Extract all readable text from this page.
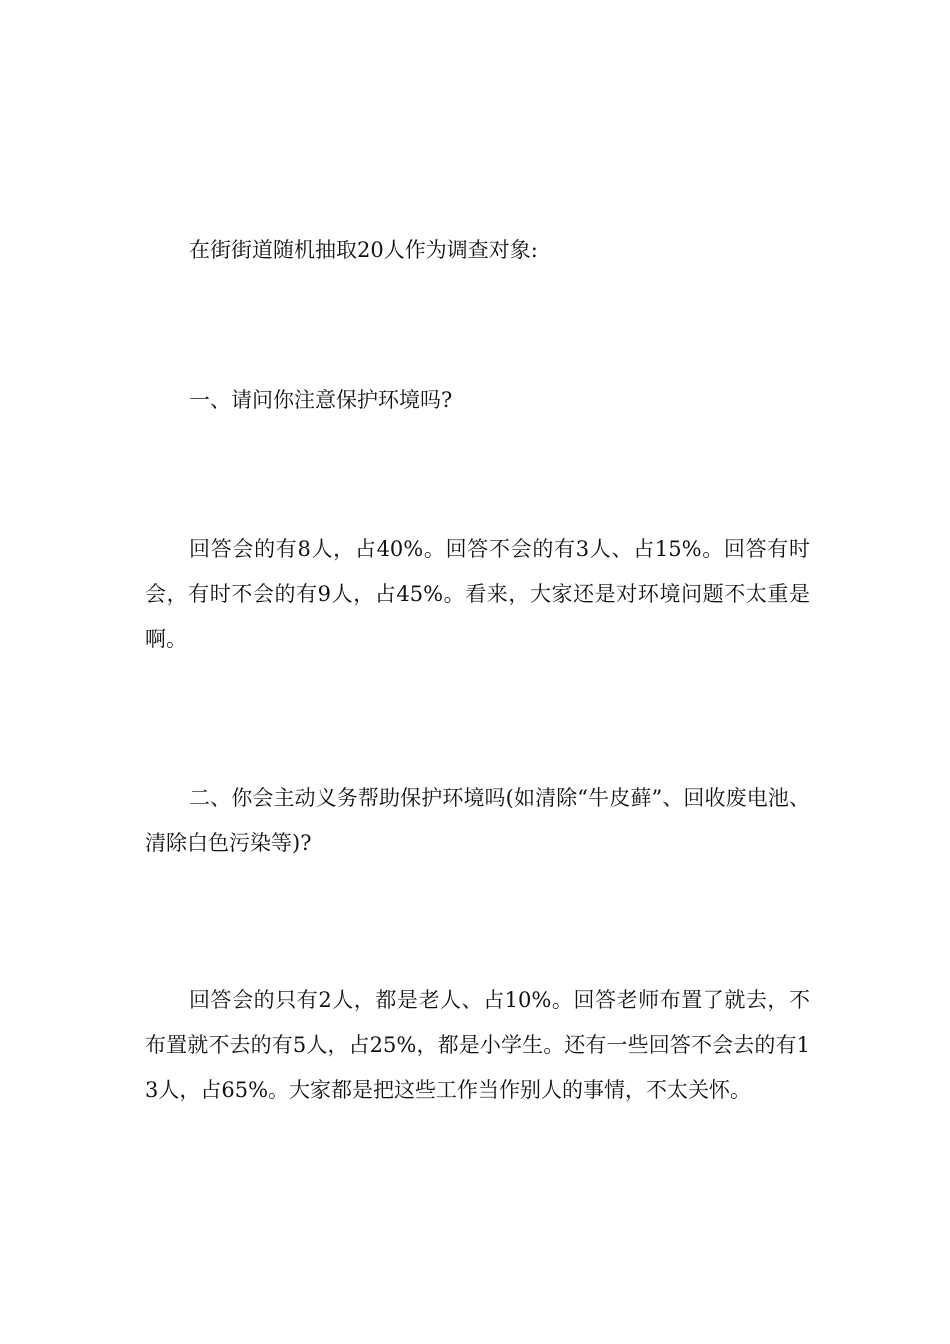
在街街道随机抽取20人作为调查对象:

一、请问你注意保护环境吗?

回答会的有8人，占40%。回答不会的有3人、占15%。回答有时会，有时不会的有9人，占45%。看来，大家还是对环境问题不太重是啊。

二、你会主动义务帮助保护环境吗(如清除“牛皮藓”、回收废电池、清除白色污染等)?

回答会的只有2人，都是老人、占10%。回答老师布置了就去，不布置就不去的有5人，占25%，都是小学生。还有一些回答不会去的有13人，占65%。大家都是把这些工作当作别人的事情，不太关怀。
